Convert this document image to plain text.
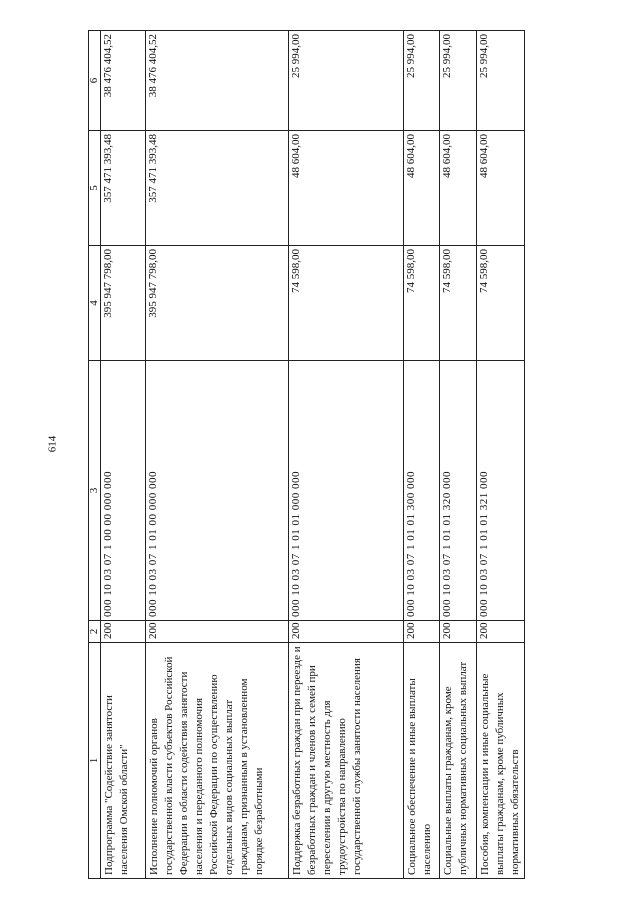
614
1	2	3	4	5	6
Подпрограмма "Содействие занятости населения Омской области"	200	000 10 03 07 1 00 00 000 000	395 947 798,00	357 471 393,48	38 476 404,52
Исполнение полномочий органов государственной власти субъектов Российской Федерации в области содействия занятости населения и переданного полномочия Российской Федерации по осуществлению отдельных видов социальных выплат гражданам, признанным в установленном порядке безработными	200	000 10 03 07 1 01 00 000 000	395 947 798,00	357 471 393,48	38 476 404,52
Поддержка безработных граждан при переезде и безработных граждан и членов их семей при переселении в другую местность для трудоустройства по направлению государственной службы занятости населения	200	000 10 03 07 1 01 01 000 000	74 598,00	48 604,00	25 994,00
Социальное обеспечение и иные выплаты населению	200	000 10 03 07 1 01 01 300 000	74 598,00	48 604,00	25 994,00
Социальные выплаты гражданам, кроме публичных нормативных социальных выплат	200	000 10 03 07 1 01 01 320 000	74 598,00	48 604,00	25 994,00
Пособия, компенсации и иные социальные выплаты гражданам, кроме публичных нормативных обязательств	200	000 10 03 07 1 01 01 321 000	74 598,00	48 604,00	25 994,00
